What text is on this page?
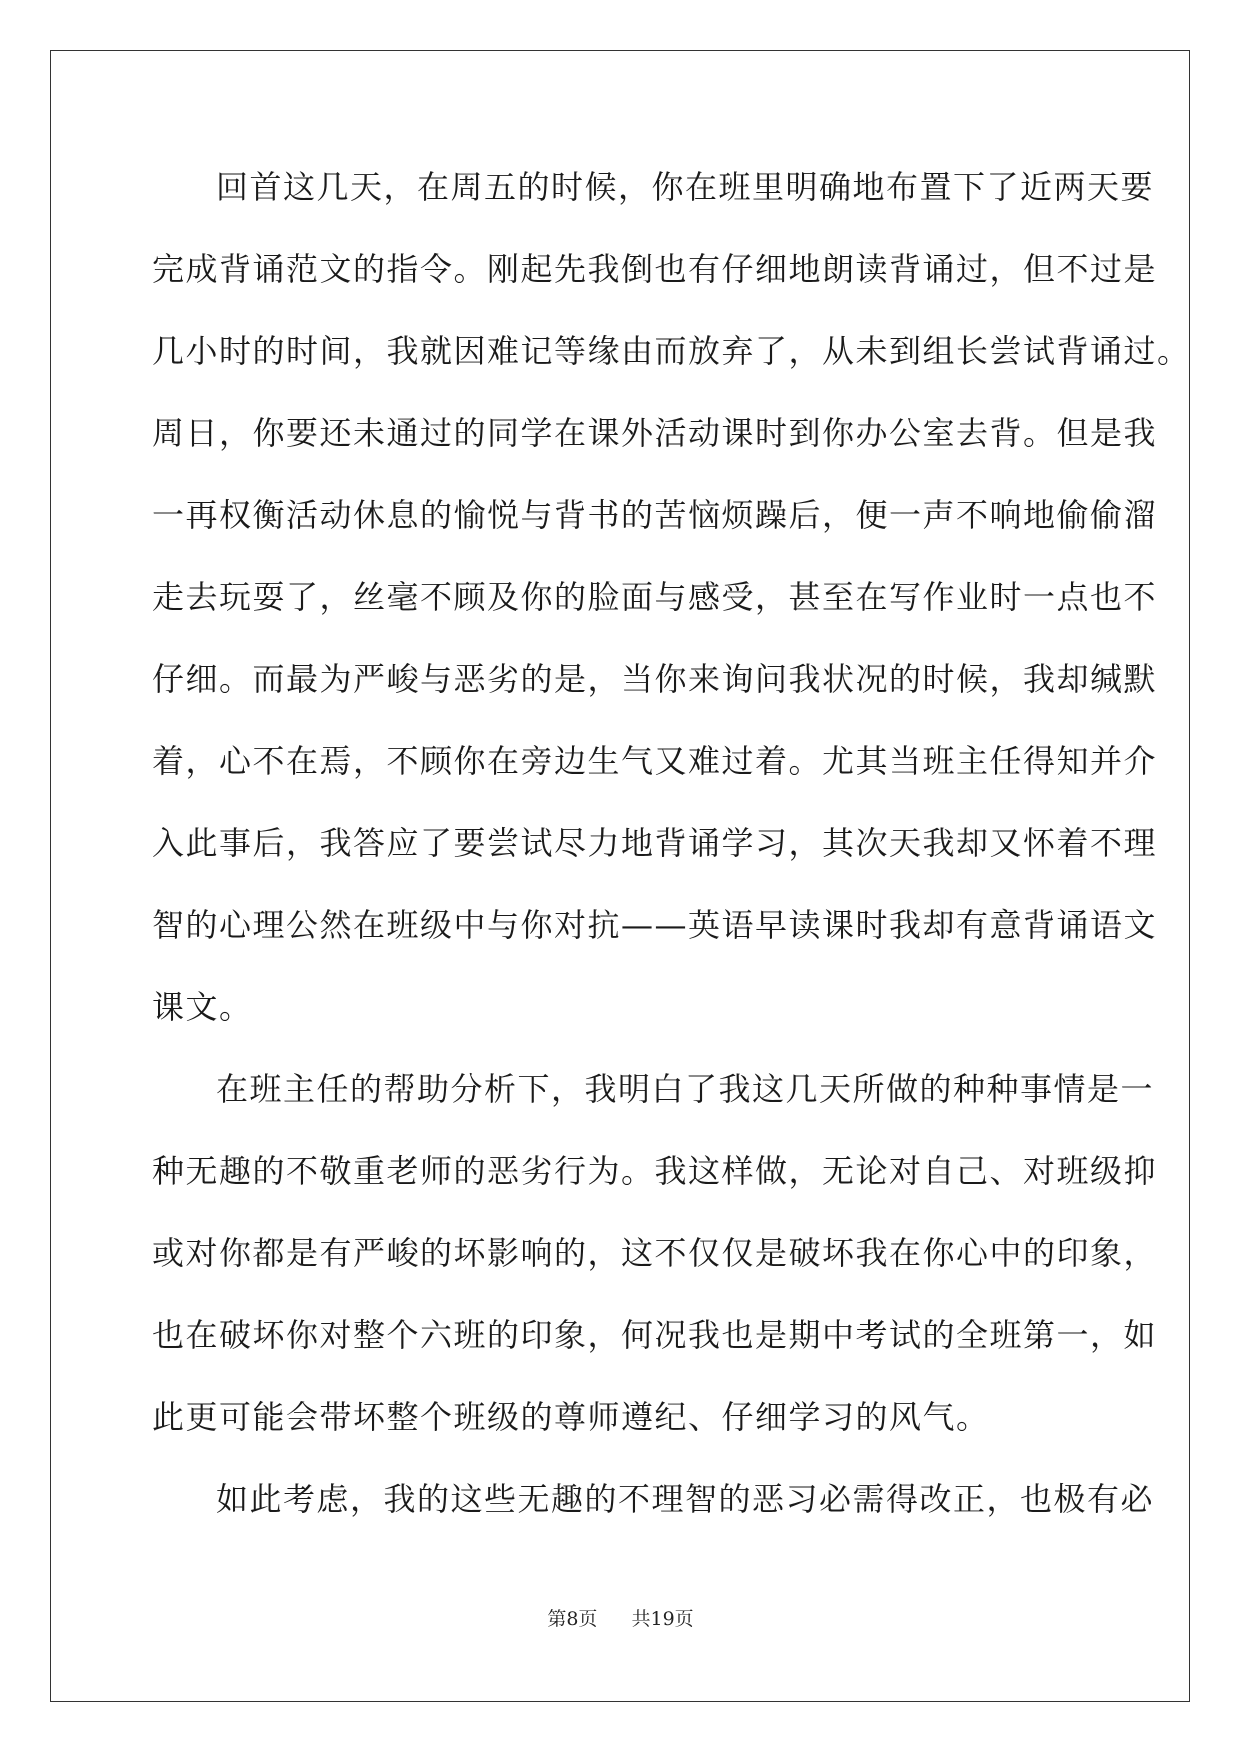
回首这几天，在周五的时候，你在班里明确地布置下了近两天要
完成背诵范文的指令。刚起先我倒也有仔细地朗读背诵过，但不过是
几小时的时间，我就因难记等缘由而放弃了，从未到组长尝试背诵过。
周日，你要还未通过的同学在课外活动课时到你办公室去背。但是我
一再权衡活动休息的愉悦与背书的苦恼烦躁后，便一声不响地偷偷溜
走去玩耍了，丝毫不顾及你的脸面与感受，甚至在写作业时一点也不
仔细。而最为严峻与恶劣的是，当你来询问我状况的时候，我却缄默
着，心不在焉，不顾你在旁边生气又难过着。尤其当班主任得知并介
入此事后，我答应了要尝试尽力地背诵学习，其次天我却又怀着不理
智的心理公然在班级中与你对抗——英语早读课时我却有意背诵语文
课文。
在班主任的帮助分析下，我明白了我这几天所做的种种事情是一
种无趣的不敬重老师的恶劣行为。我这样做，无论对自己、对班级抑
或对你都是有严峻的坏影响的，这不仅仅是破坏我在你心中的印象，
也在破坏你对整个六班的印象，何况我也是期中考试的全班第一，如
此更可能会带坏整个班级的尊师遵纪、仔细学习的风气。
如此考虑，我的这些无趣的不理智的恶习必需得改正，也极有必
第8页 共19页
